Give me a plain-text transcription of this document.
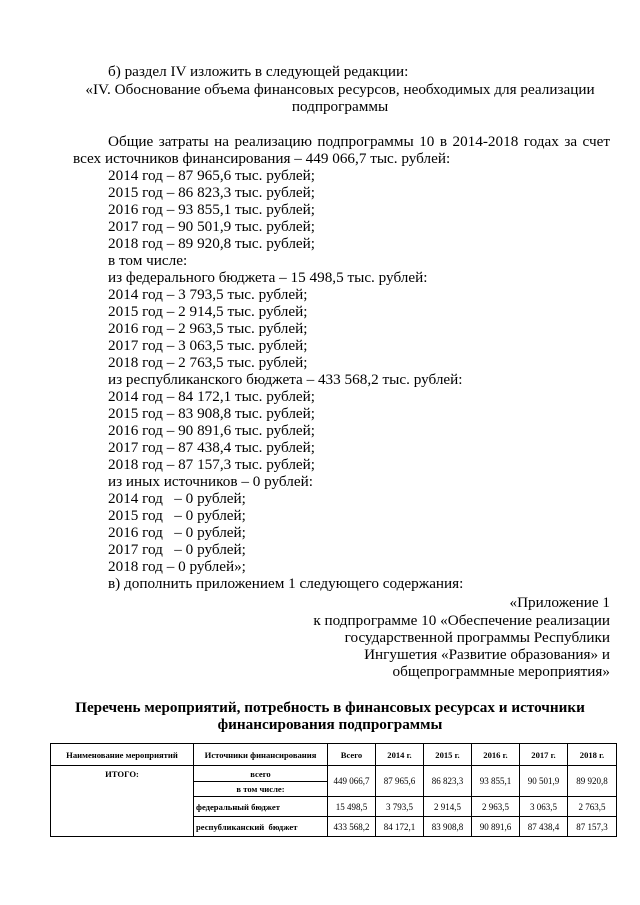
б) раздел IV изложить в следующей редакции:
«IV. Обоснование объема финансовых ресурсов, необходимых для реализации
подпрограммы
Общие затраты на реализацию подпрограммы 10 в 2014-2018 годах за счет
всех источников финансирования – 449 066,7 тыс. рублей:
2014 год – 87 965,6 тыс. рублей;
2015 год – 86 823,3 тыс. рублей;
2016 год – 93 855,1 тыс. рублей;
2017 год – 90 501,9 тыс. рублей;
2018 год – 89 920,8 тыс. рублей;
в том числе:
из федерального бюджета – 15 498,5 тыс. рублей:
2014 год – 3 793,5 тыс. рублей;
2015 год – 2 914,5 тыс. рублей;
2016 год – 2 963,5 тыс. рублей;
2017 год – 3 063,5 тыс. рублей;
2018 год – 2 763,5 тыс. рублей;
из республиканского бюджета – 433 568,2 тыс. рублей:
2014 год – 84 172,1 тыс. рублей;
2015 год – 83 908,8 тыс. рублей;
2016 год – 90 891,6 тыс. рублей;
2017 год – 87 438,4 тыс. рублей;
2018 год – 87 157,3 тыс. рублей;
из иных источников – 0 рублей:
2014 год   – 0 рублей;
2015 год   – 0 рублей;
2016 год   – 0 рублей;
2017 год   – 0 рублей;
2018 год – 0 рублей»;
в) дополнить приложением 1 следующего содержания:
«Приложение 1
к подпрограмме 10 «Обеспечение реализации
государственной программы Республики
Ингушетия «Развитие образования» и
общепрограммные мероприятия»
Перечень мероприятий, потребность в финансовых ресурсах и источники
финансирования подпрограммы
Наименование мероприятий	Источники финансирования	Всего	2014 г.	2015 г.	2016 г.	2017 г.	2018 г.
ИТОГО:	всего	449 066,7	87 965,6	86 823,3	93 855,1	90 501,9	89 920,8
	в том числе:						
	федеральный бюджет	15 498,5	3 793,5	2 914,5	2 963,5	3 063,5	2 763,5
	республиканский  бюджет	433 568,2	84 172,1	83 908,8	90 891,6	87 438,4	87 157,3
